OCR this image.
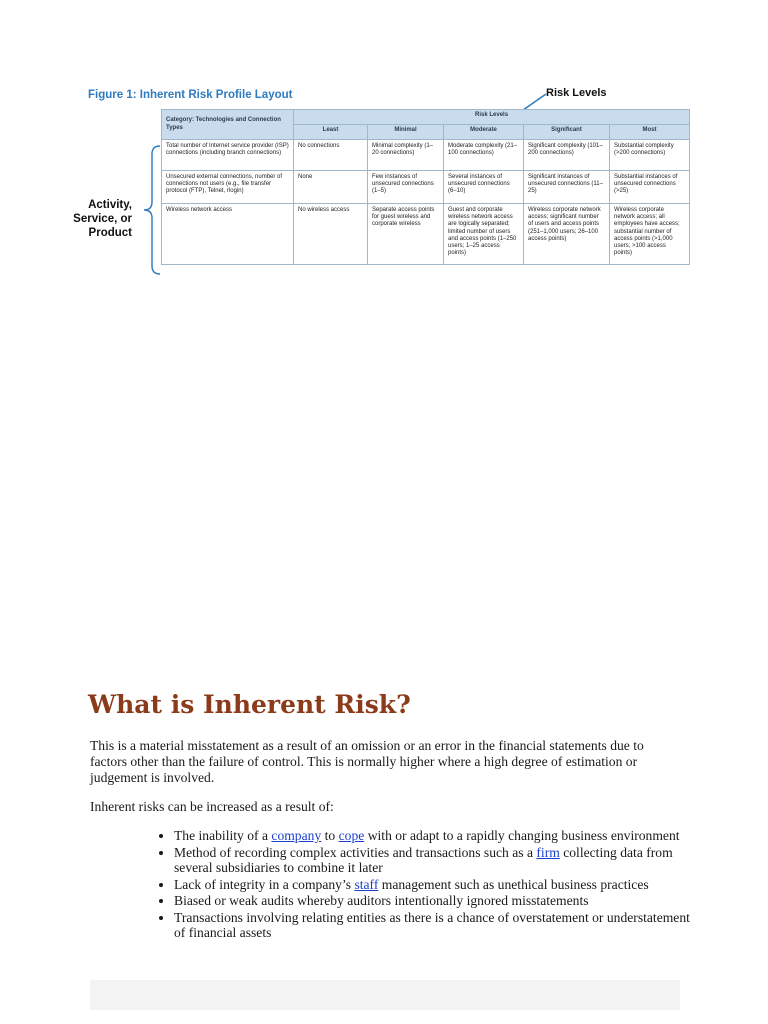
Figure 1: Inherent Risk Profile Layout	Risk Levels
Activity,
Service, or
Product
Category: Technologies and Connection Types	Risk Levels				
	Least	Minimal	Moderate	Significant	Most
Total number of Internet service provider (ISP) connections (including branch connections)	No connections	Minimal complexity (1–20 connections)	Moderate complexity (21–100 connections)	Significant complexity (101–200 connections)	Substantial complexity (>200 connections)
Unsecured external connections, number of connections not users (e.g., file transfer protocol (FTP), Telnet, rlogin)	None	Few instances of unsecured connections (1–5)	Several instances of unsecured connections (6–10)	Significant instances of unsecured connections (11–25)	Substantial instances of unsecured connections (>25)
Wireless network access	No wireless access	Separate access points for guest wireless and corporate wireless	Guest and corporate wireless network access are logically separated; limited number of users and access points (1–250 users; 1–25 access points)	Wireless corporate network access; significant number of users and access points (251–1,000 users; 26–100 access points)	Wireless corporate network access; all employees have access; substantial number of access points (>1,000 users; >100 access points)
What is Inherent Risk?

This is a material misstatement as a result of an omission or an error in the financial statements due to factors other than the failure of control. This is normally higher where a high degree of estimation or judgement is involved.

Inherent risks can be increased as a result of:

• The inability of a company to cope with or adapt to a rapidly changing business environment
• Method of recording complex activities and transactions such as a firm collecting data from several subsidiaries to combine it later
• Lack of integrity in a company’s staff management such as unethical business practices
• Biased or weak audits whereby auditors intentionally ignored misstatements
• Transactions involving relating entities as there is a chance of overstatement or understatement of financial assets
